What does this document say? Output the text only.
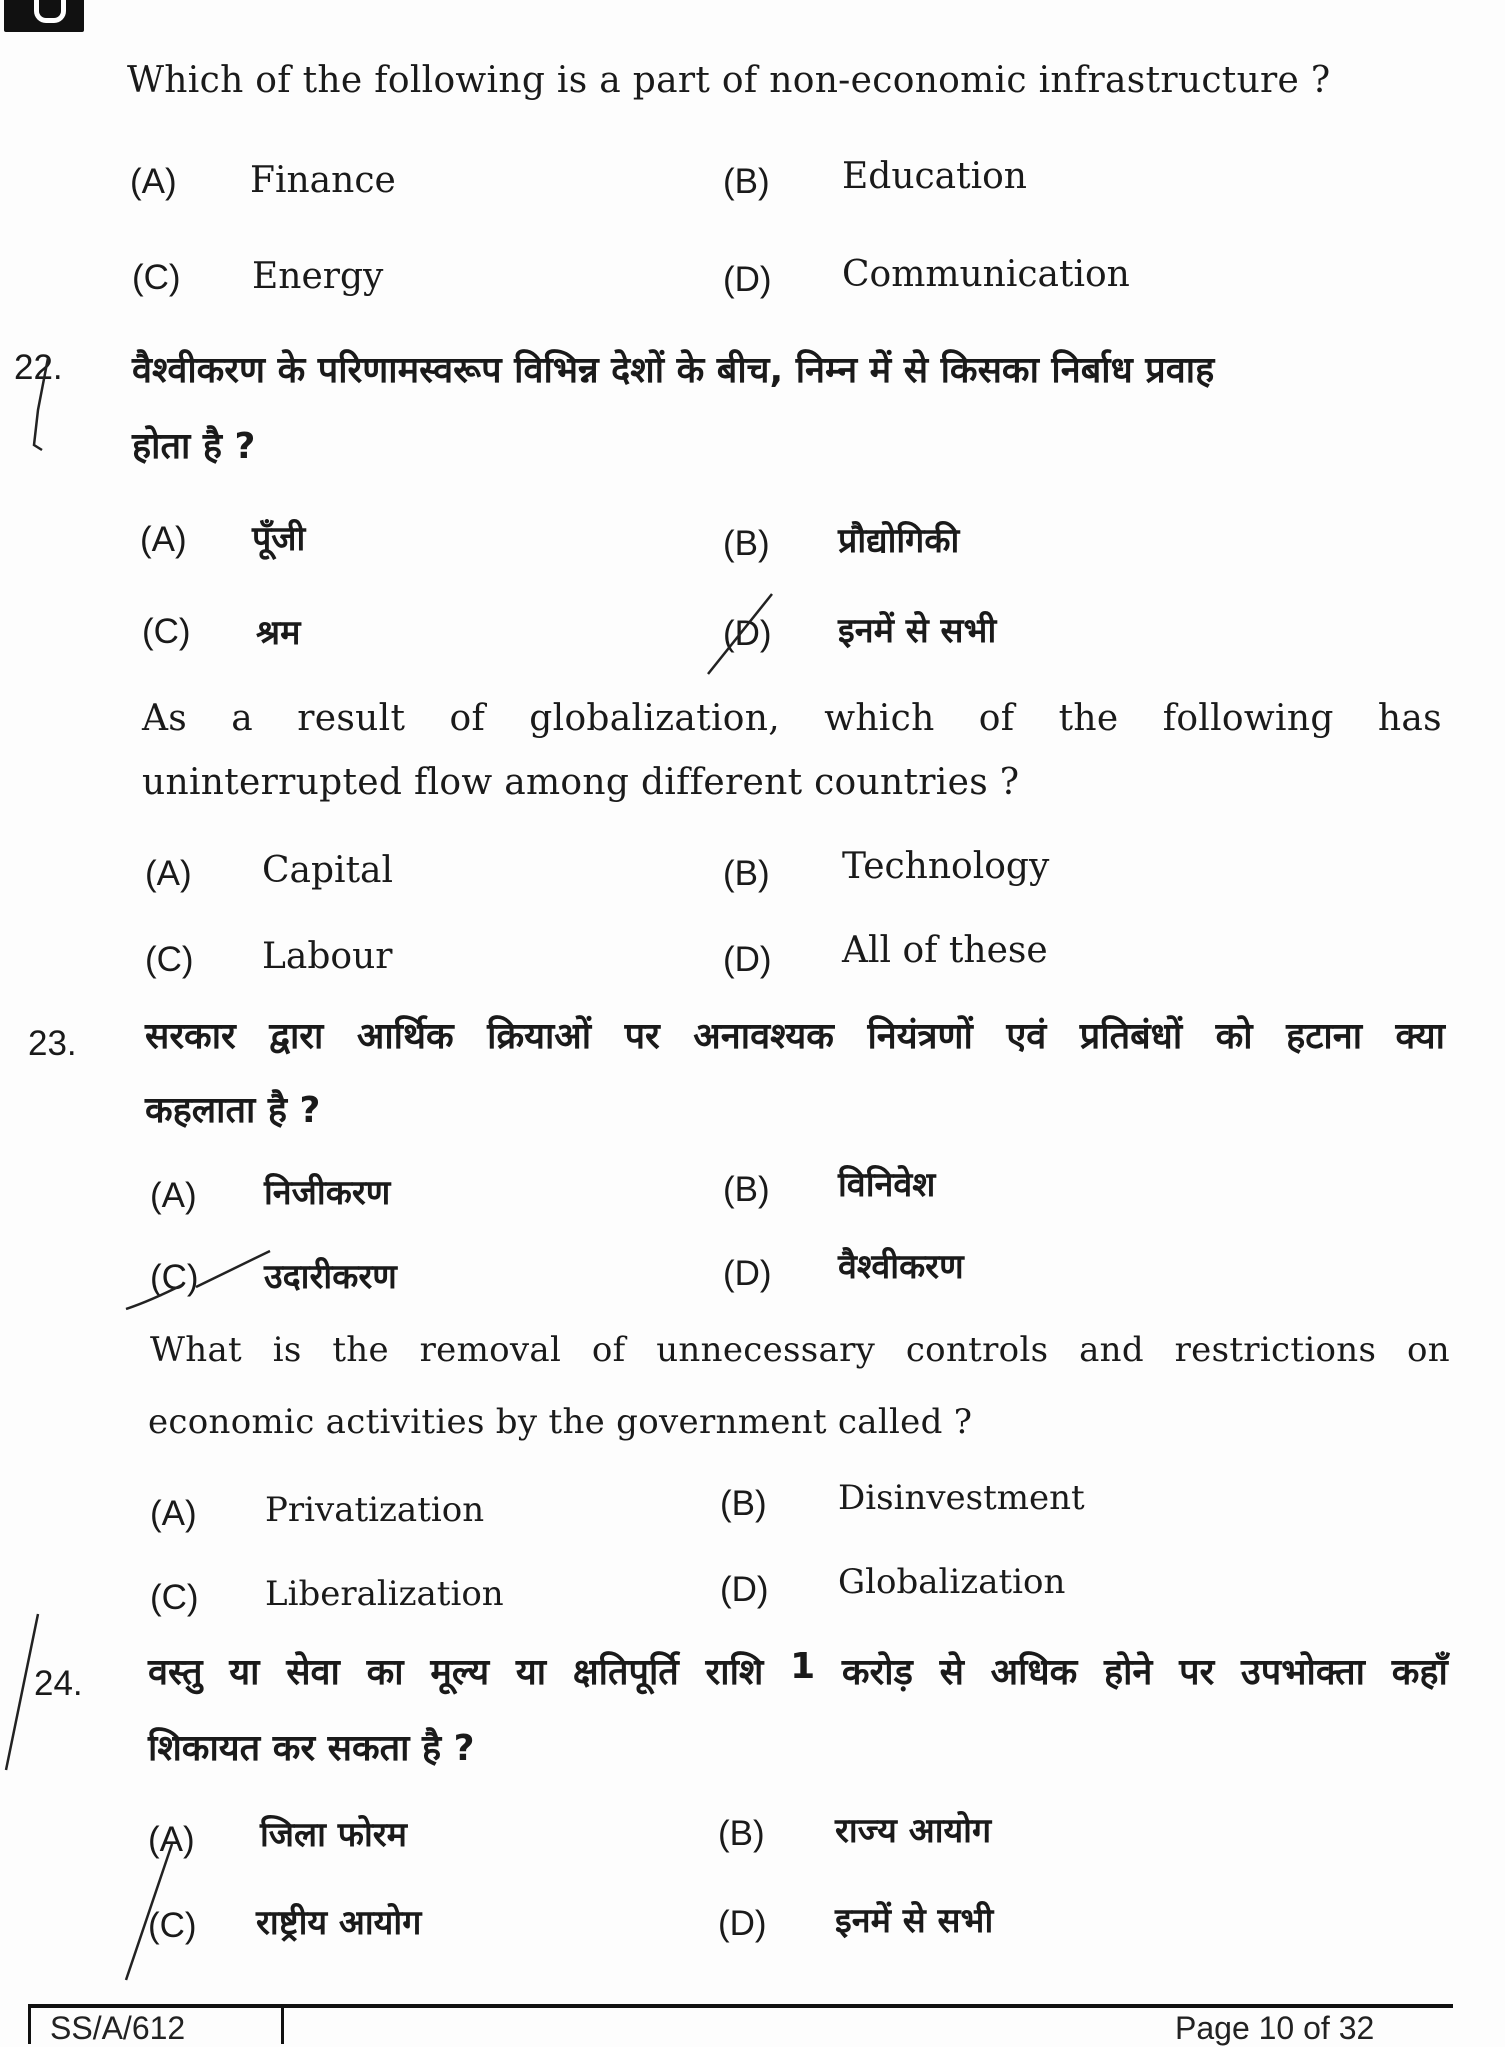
Which of the following is a part of non-economic infrastructure ?
(A) Finance	(B) Education
(C) Energy	(D) Communication
22. वैश्वीकरण के परिणामस्वरूप विभिन्न देशों के बीच, निम्न में से किसका निर्बाध प्रवाह
होता है ?
(A) पूँजी	(B) प्रौद्योगिकी
(C) श्रम	(D) इनमें से सभी
As a result of globalization, which of the following has
uninterrupted flow among different countries ?
(A) Capital	(B) Technology
(C) Labour	(D) All of these
23. सरकार द्वारा आर्थिक क्रियाओं पर अनावश्यक नियंत्रणों एवं प्रतिबंधों को हटाना क्या
कहलाता है ?
(A) निजीकरण	(B) विनिवेश
(C) उदारीकरण	(D) वैश्वीकरण
What is the removal of unnecessary controls and restrictions on
economic activities by the government called ?
(A) Privatization	(B) Disinvestment
(C) Liberalization	(D) Globalization
24. वस्तु या सेवा का मूल्य या क्षतिपूर्ति राशि 1 करोड़ से अधिक होने पर उपभोक्ता कहाँ
शिकायत कर सकता है ?
(A) जिला फोरम	(B) राज्य आयोग
(C) राष्ट्रीय आयोग	(D) इनमें से सभी
SS/A/612	Page 10 of 32
